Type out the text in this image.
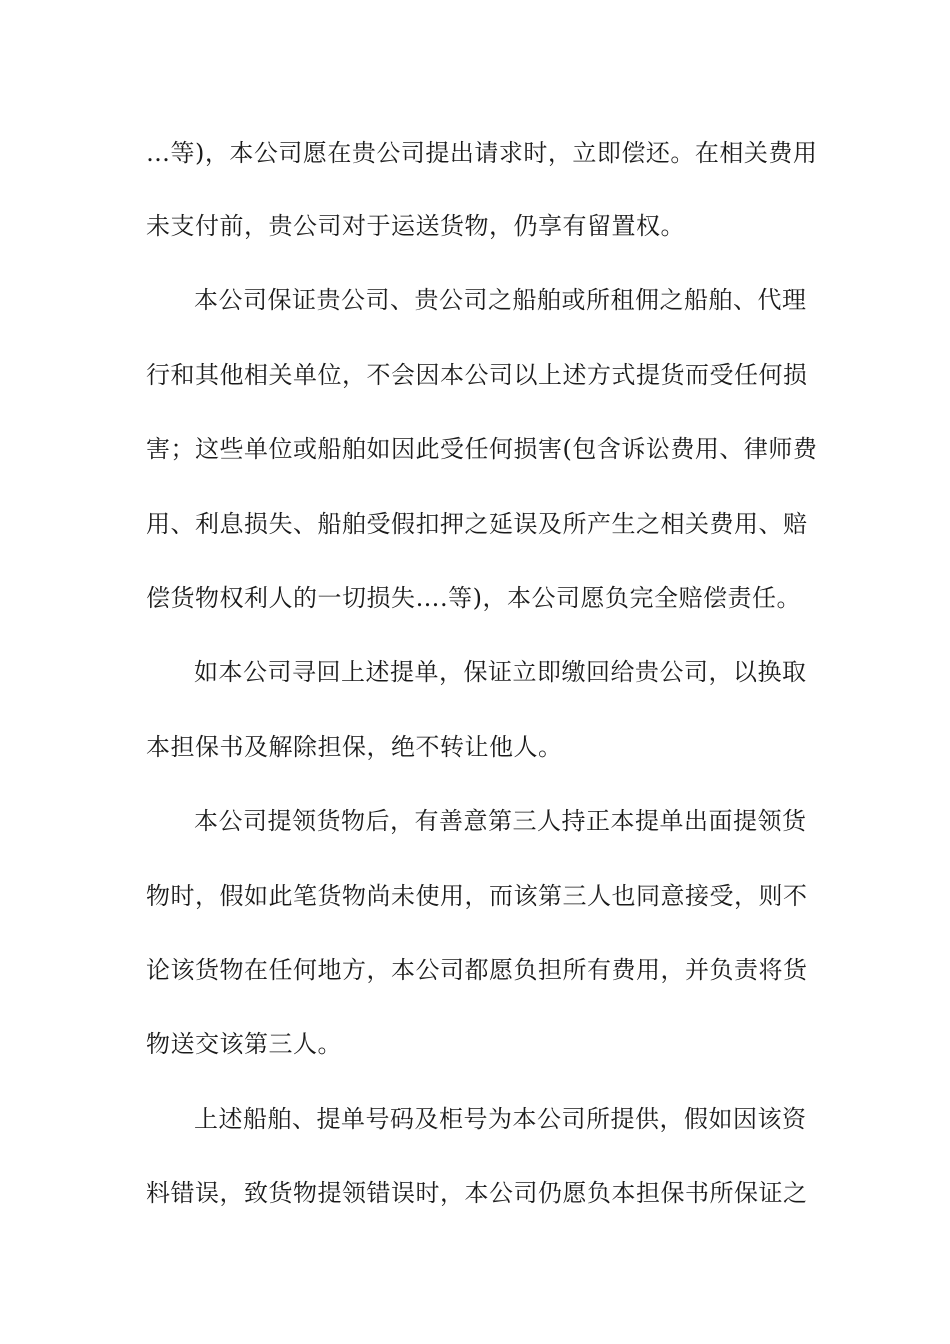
…等)，本公司愿在贵公司提出请求时，立即偿还。在相关费用
未支付前，贵公司对于运送货物，仍享有留置权。
本公司保证贵公司、贵公司之船舶或所租佣之船舶、代理
行和其他相关单位，不会因本公司以上述方式提货而受任何损
害；这些单位或船舶如因此受任何损害(包含诉讼费用、律师费
用、利息损失、船舶受假扣押之延误及所产生之相关费用、赔
偿货物权利人的一切损失….等)，本公司愿负完全赔偿责任。
如本公司寻回上述提单，保证立即缴回给贵公司，以换取
本担保书及解除担保，绝不转让他人。
本公司提领货物后，有善意第三人持正本提单出面提领货
物时，假如此笔货物尚未使用，而该第三人也同意接受，则不
论该货物在任何地方，本公司都愿负担所有费用，并负责将货
物送交该第三人。
上述船舶、提单号码及柜号为本公司所提供，假如因该资
料错误，致货物提领错误时，本公司仍愿负本担保书所保证之
